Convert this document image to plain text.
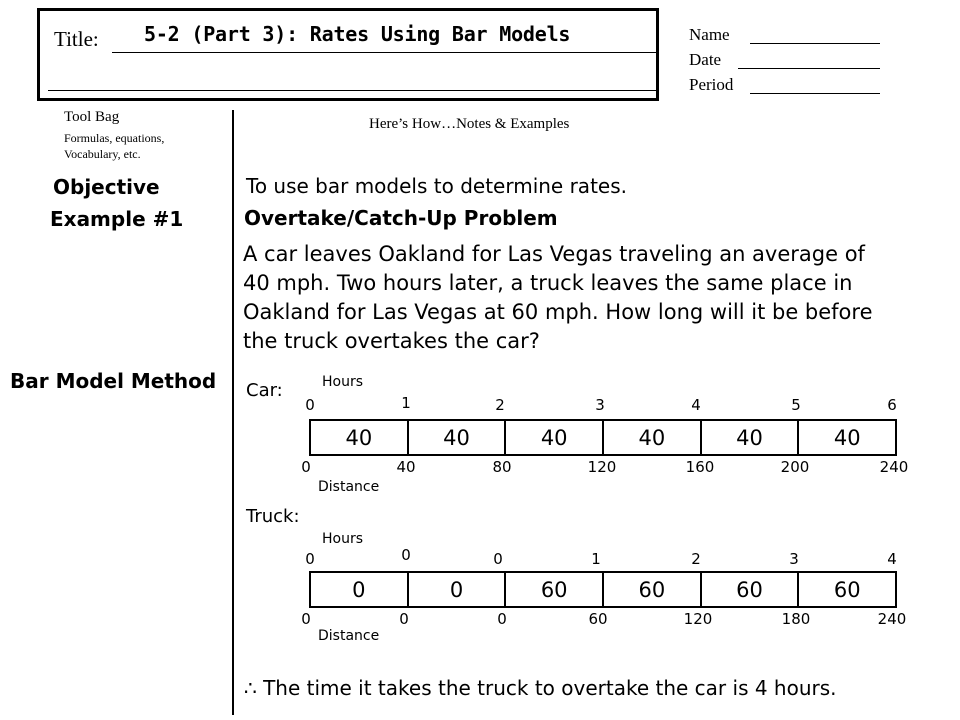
Title: 5-2 (Part 3): Rates Using Bar Models	Name
Date
Period
Tool Bag
Formulas, equations,
Vocabulary, etc.
Here’s How…Notes & Examples
Objective
Example #1
Bar Model Method
To use bar models to determine rates.
Overtake/Catch-Up Problem
A car leaves Oakland for Las Vegas traveling an average of
40 mph. Two hours later, a truck leaves the same place in
Oakland for Las Vegas at 60 mph. How long will it be before
the truck overtakes the car?
Car:	Hours
0	1	2	3	4	5	6
40	40	40	40	40	40
0	40	80	120	160	200	240
Distance
Truck:
Hours
0	0	0	1	2	3	4
0	0	60	60	60	60
0	0	0	60	120	180	240
Distance
∴ The time it takes the truck to overtake the car is 4 hours.
